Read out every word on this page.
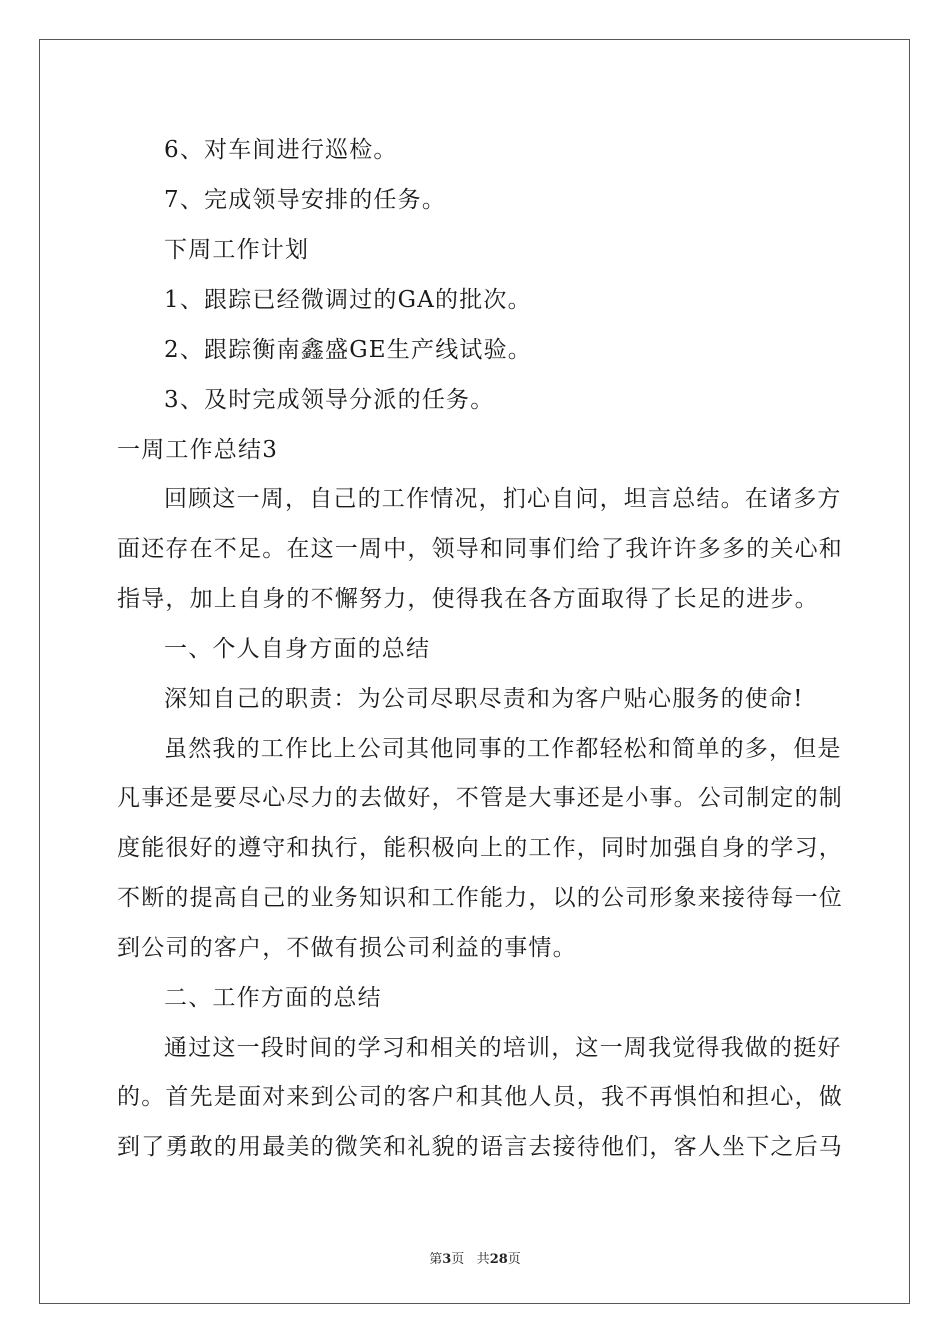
6、对车间进行巡检。

7、完成领导安排的任务。

下周工作计划

1、跟踪已经微调过的GA的批次。

2、跟踪衡南鑫盛GE生产线试验。

3、及时完成领导分派的任务。

一周工作总结3

回顾这一周，自己的工作情况，扪心自问，坦言总结。在诸多方

面还存在不足。在这一周中，领导和同事们给了我许许多多的关心和

指导，加上自身的不懈努力，使得我在各方面取得了长足的进步。

一、个人自身方面的总结

深知自己的职责：为公司尽职尽责和为客户贴心服务的使命!

虽然我的工作比上公司其他同事的工作都轻松和简单的多，但是

凡事还是要尽心尽力的去做好，不管是大事还是小事。公司制定的制

度能很好的遵守和执行，能积极向上的工作，同时加强自身的学习，

不断的提高自己的业务知识和工作能力，以的公司形象来接待每一位

到公司的客户，不做有损公司利益的事情。

二、工作方面的总结

通过这一段时间的学习和相关的培训，这一周我觉得我做的挺好

的。首先是面对来到公司的客户和其他人员，我不再惧怕和担心，做

到了勇敢的用最美的微笑和礼貌的语言去接待他们，客人坐下之后马

第3页 共28页
